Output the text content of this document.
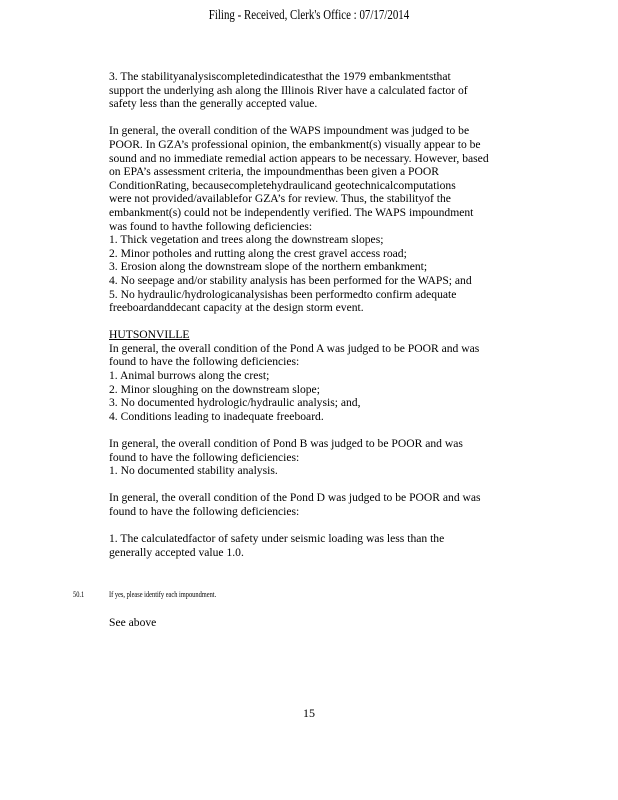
Filing - Received, Clerk's Office : 07/17/2014

3. The stabilityanalysiscompletedindicatesthat the 1979 embankmentsthat

support the underlying ash along the Illinois River have a calculated factor of

safety less than the generally accepted value.

In general, the overall condition of the WAPS impoundment was judged to be

POOR. In GZA’s professional opinion, the embankment(s) visually appear to be

sound and no immediate remedial action appears to be necessary. However, based

on EPA’s assessment criteria, the impoundmenthas been given a POOR

ConditionRating, becausecompletehydraulicand geotechnicalcomputations

were not provided/availablefor GZA’s for review. Thus, the stabilityof the

embankment(s) could not be independently verified. The WAPS impoundment

was found to havthe following deficiencies:

1. Thick vegetation and trees along the downstream slopes;

2. Minor potholes and rutting along the crest gravel access road;

3. Erosion along the downstream slope of the northern embankment;

4. No seepage and/or stability analysis has been performed for the WAPS; and

5. No hydraulic/hydrologicanalysishas been performedto confirm adequate

freeboardanddecant capacity at the design storm event.

HUTSONVILLE

In general, the overall condition of the Pond A was judged to be POOR and was

found to have the following deficiencies:

1. Animal burrows along the crest;

2. Minor sloughing on the downstream slope;

3. No documented hydrologic/hydraulic analysis; and,

4. Conditions leading to inadequate freeboard.

In general, the overall condition of Pond B was judged to be POOR and was

found to have the following deficiencies:

1. No documented stability analysis.

In general, the overall condition of the Pond D was judged to be POOR and was

found to have the following deficiencies:

1. The calculatedfactor of safety under seismic loading was less than the

generally accepted value 1.0.

50.1	If yes, please identify each impoundment.
See above
15
